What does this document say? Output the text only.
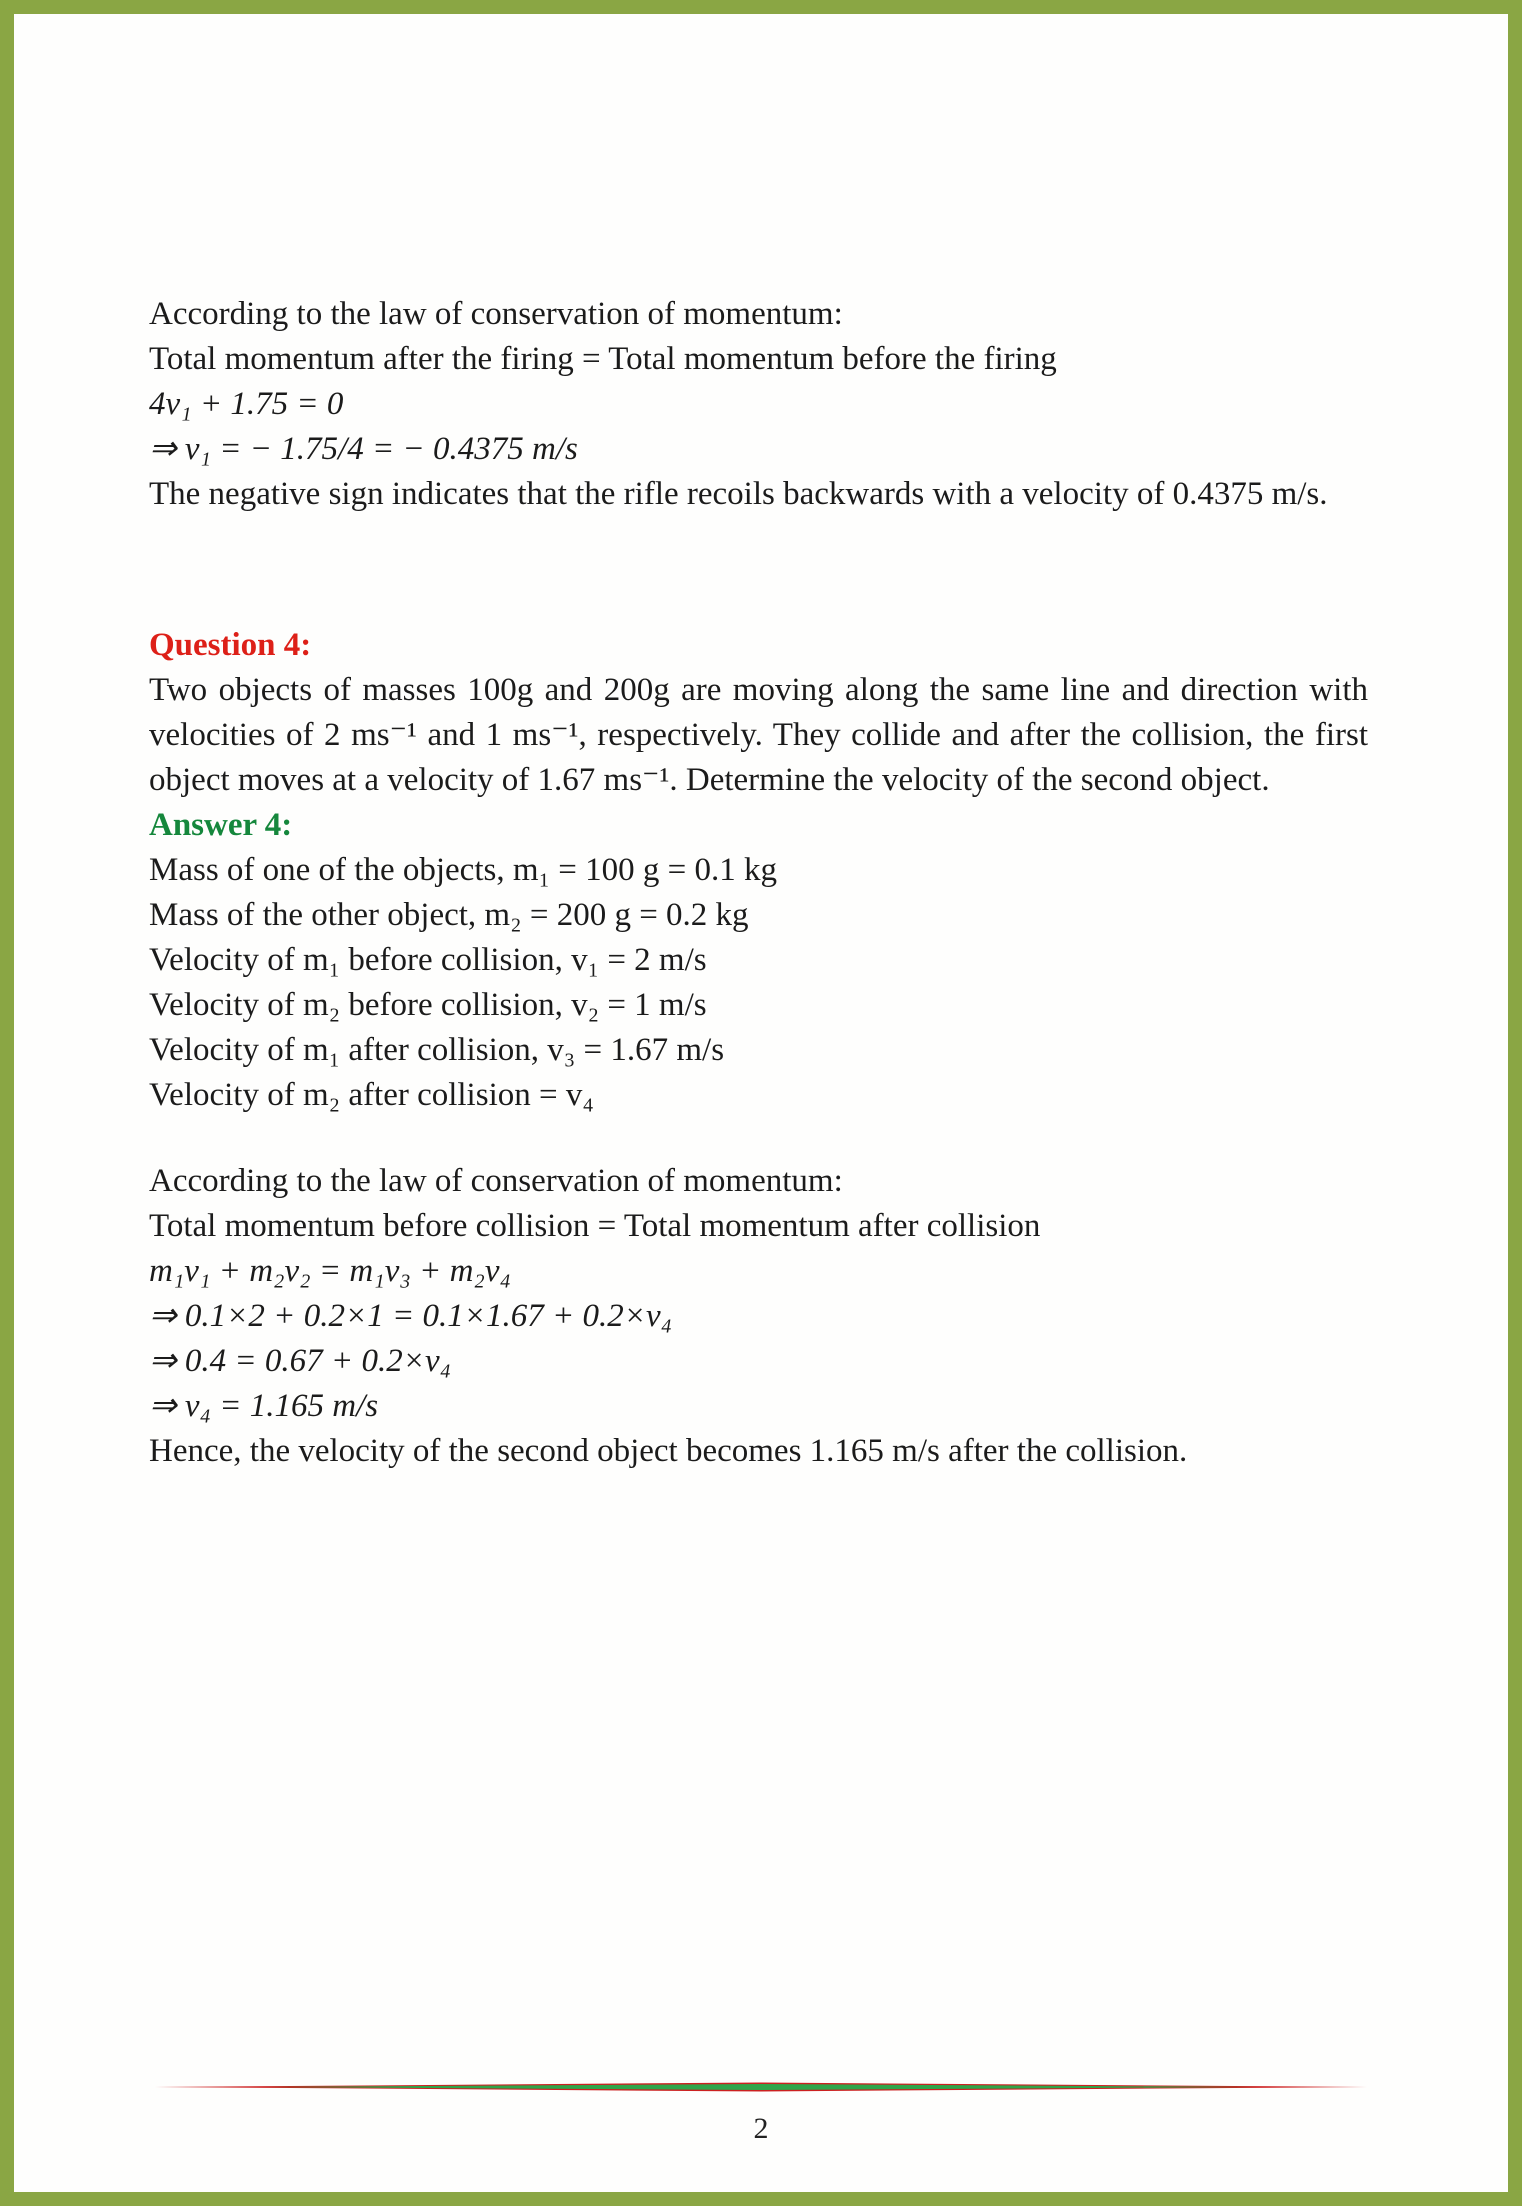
According to the law of conservation of momentum:
Total momentum after the firing = Total momentum before the firing
4v₁ + 1.75 = 0
⇒ v₁ = − 1.75/4 = − 0.4375 m/s
The negative sign indicates that the rifle recoils backwards with a velocity of 0.4375 m/s.
Question 4:
Two objects of masses 100g and 200g are moving along the same line and direction with velocities of 2 ms⁻¹ and 1 ms⁻¹, respectively. They collide and after the collision, the first object moves at a velocity of 1.67 ms⁻¹. Determine the velocity of the second object.
Answer 4:
Mass of one of the objects, m₁ = 100 g = 0.1 kg
Mass of the other object, m₂ = 200 g = 0.2 kg
Velocity of m₁ before collision, v₁ = 2 m/s
Velocity of m₂ before collision, v₂ = 1 m/s
Velocity of m₁ after collision, v₃ = 1.67 m/s
Velocity of m₂ after collision = v₄
According to the law of conservation of momentum:
Total momentum before collision = Total momentum after collision
m₁v₁ + m₂v₂ = m₁v₃ + m₂v₄
⇒ 0.1×2 + 0.2×1 = 0.1×1.67 + 0.2×v₄
⇒ 0.4 = 0.67 + 0.2×v₄
⇒ v₄ = 1.165 m/s
Hence, the velocity of the second object becomes 1.165 m/s after the collision.
2
